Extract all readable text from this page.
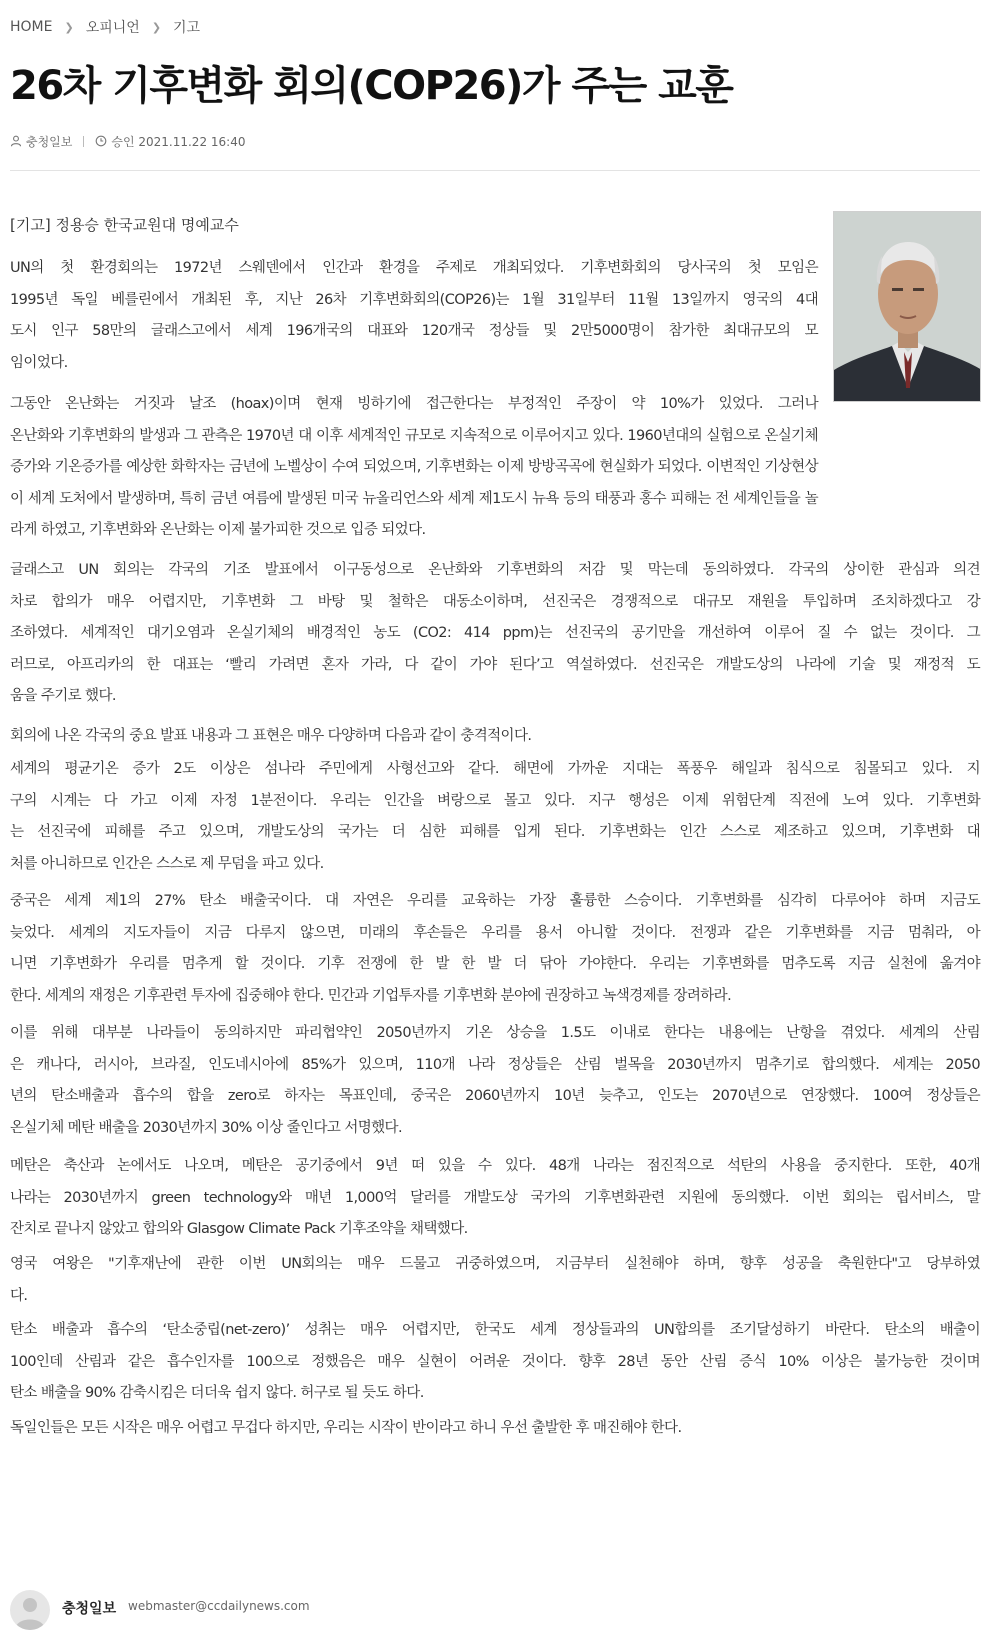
HOME ❯ 오피니언 ❯ 기고
26차 기후변화 회의(COP26)가 주는 교훈
충청일보	승인 2021.11.22 16:40
[기고] 정용승 한국교원대 명예교수

UN의 첫 환경회의는 1972년 스웨덴에서 인간과 환경을 주제로 개최되었다. 기후변화회의 당사국의 첫 모임은
1995년 독일 베를린에서 개최된 후, 지난 26차 기후변화회의(COP26)는 1월 31일부터 11월 13일까지 영국의 4대
도시 인구 58만의 글래스고에서 세계 196개국의 대표와 120개국 정상들 및 2만5000명이 참가한 최대규모의 모
임이었다.

그동안 온난화는 거짓과 날조 (hoax)이며 현재 빙하기에 접근한다는 부정적인 주장이 약 10%가 있었다. 그러나
온난화와 기후변화의 발생과 그 관측은 1970년 대 이후 세계적인 규모로 지속적으로 이루어지고 있다. 1960년대의 실험으로 온실기체
증가와 기온증가를 예상한 화학자는 금년에 노벨상이 수여 되었으며, 기후변화는 이제 방방곡곡에 현실화가 되었다. 이변적인 기상현상
이 세계 도처에서 발생하며, 특히 금년 여름에 발생된 미국 뉴올리언스와 세계 제1도시 뉴욕 등의 태풍과 홍수 피해는 전 세계인들을 놀
라게 하였고, 기후변화와 온난화는 이제 불가피한 것으로 입증 되었다.

글래스고 UN 회의는 각국의 기조 발표에서 이구동성으로 온난화와 기후변화의 저감 및 막는데 동의하였다. 각국의 상이한 관심과 의견
차로 합의가 매우 어렵지만, 기후변화 그 바탕 및 철학은 대동소이하며, 선진국은 경쟁적으로 대규모 재원을 투입하며 조치하겠다고 강
조하였다. 세계적인 대기오염과 온실기체의 배경적인 농도 (CO2: 414 ppm)는 선진국의 공기만을 개선하여 이루어 질 수 없는 것이다. 그
러므로, 아프리카의 한 대표는 ‘빨리 가려면 혼자 가라, 다 같이 가야 된다’고 역설하였다. 선진국은 개발도상의 나라에 기술 및 재정적 도
움을 주기로 했다.

회의에 나온 각국의 중요 발표 내용과 그 표현은 매우 다양하며 다음과 같이 충격적이다.

세계의 평균기온 증가 2도 이상은 섬나라 주민에게 사형선고와 같다. 해면에 가까운 지대는 폭풍우 해일과 침식으로 침몰되고 있다. 지
구의 시계는 다 가고 이제 자정 1분전이다. 우리는 인간을 벼랑으로 몰고 있다. 지구 행성은 이제 위험단계 직전에 노여 있다. 기후변화
는 선진국에 피해를 주고 있으며, 개발도상의 국가는 더 심한 피해를 입게 된다. 기후변화는 인간 스스로 제조하고 있으며, 기후변화 대
처를 아니하므로 인간은 스스로 제 무덤을 파고 있다.

중국은 세계 제1의 27% 탄소 배출국이다. 대 자연은 우리를 교육하는 가장 훌륭한 스승이다. 기후변화를 심각히 다루어야 하며 지금도
늦었다. 세계의 지도자들이 지금 다루지 않으면, 미래의 후손들은 우리를 용서 아니할 것이다. 전쟁과 같은 기후변화를 지금 멈춰라, 아
니면 기후변화가 우리를 멈추게 할 것이다. 기후 전쟁에 한 발 한 발 더 닦아 가야한다. 우리는 기후변화를 멈추도록 지금 실천에 옮겨야
한다. 세계의 재정은 기후관련 투자에 집중해야 한다. 민간과 기업투자를 기후변화 분야에 권장하고 녹색경제를 장려하라.

이를 위해 대부분 나라들이 동의하지만 파리협약인 2050년까지 기온 상승을 1.5도 이내로 한다는 내용에는 난항을 겪었다. 세계의 산림
은 캐나다, 러시아, 브라질, 인도네시아에 85%가 있으며, 110개 나라 정상들은 산림 벌목을 2030년까지 멈추기로 합의했다. 세계는 2050
년의 탄소배출과 흡수의 합을 zero로 하자는 목표인데, 중국은 2060년까지 10년 늦추고, 인도는 2070년으로 연장했다. 100여 정상들은
온실기체 메탄 배출을 2030년까지 30% 이상 줄인다고 서명했다.

메탄은 축산과 논에서도 나오며, 메탄은 공기중에서 9년 떠 있을 수 있다. 48개 나라는 점진적으로 석탄의 사용을 중지한다. 또한, 40개
나라는 2030년까지 green technology와 매년 1,000억 달러를 개발도상 국가의 기후변화관련 지원에 동의했다. 이번 회의는 립서비스, 말
잔치로 끝나지 않았고 합의와 Glasgow Climate Pack 기후조약을 채택했다.

영국 여왕은 "기후재난에 관한 이번 UN회의는 매우 드물고 귀중하였으며, 지금부터 실천해야 하며, 향후 성공을 축원한다"고 당부하였
다.

탄소 배출과 흡수의 ‘탄소중립(net-zero)’ 성취는 매우 어렵지만, 한국도 세계 정상들과의 UN합의를 조기달성하기 바란다. 탄소의 배출이
100인데 산림과 같은 흡수인자를 100으로 정했음은 매우 실현이 어려운 것이다. 향후 28년 동안 산림 증식 10% 이상은 불가능한 것이며
탄소 배출을 90% 감축시킴은 더더욱 쉽지 않다. 허구로 될 듯도 하다.

독일인들은 모든 시작은 매우 어렵고 무겁다 하지만, 우리는 시작이 반이라고 하니 우선 출발한 후 매진해야 한다.

충청일보 webmaster@ccdailynews.com
